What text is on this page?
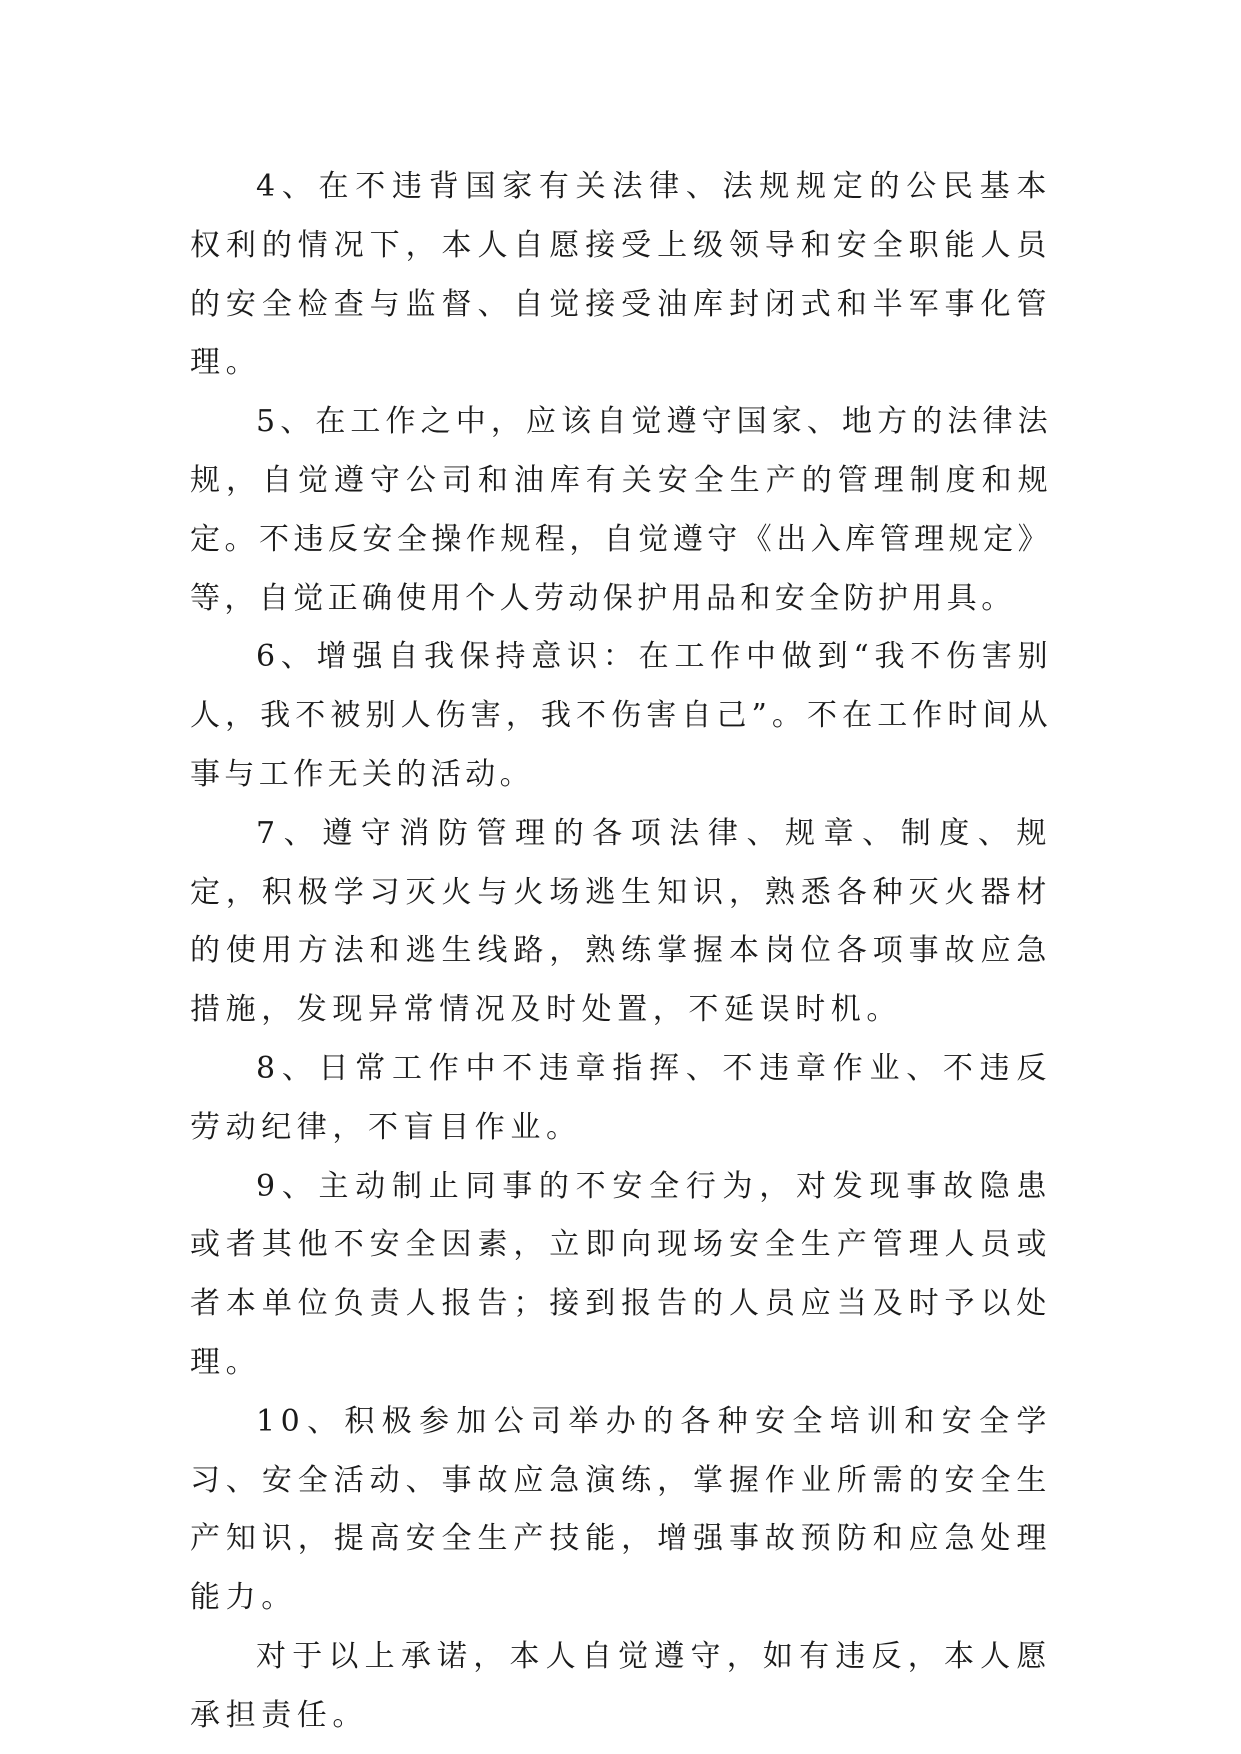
4、在不违背国家有关法律、法规规定的公民基本权利的情况下，本人自愿接受上级领导和安全职能人员的安全检查与监督、自觉接受油库封闭式和半军事化管理。

5、在工作之中，应该自觉遵守国家、地方的法律法规，自觉遵守公司和油库有关安全生产的管理制度和规定。不违反安全操作规程，自觉遵守《出入库管理规定》等，自觉正确使用个人劳动保护用品和安全防护用具。

6、增强自我保持意识：在工作中做到“我不伤害别人，我不被别人伤害，我不伤害自己”。不在工作时间从事与工作无关的活动。

7、遵守消防管理的各项法律、规章、制度、规定，积极学习灭火与火场逃生知识，熟悉各种灭火器材的使用方法和逃生线路，熟练掌握本岗位各项事故应急措施，发现异常情况及时处置，不延误时机。

8、日常工作中不违章指挥、不违章作业、不违反劳动纪律，不盲目作业。

9、主动制止同事的不安全行为，对发现事故隐患或者其他不安全因素，立即向现场安全生产管理人员或者本单位负责人报告；接到报告的人员应当及时予以处理。

10、积极参加公司举办的各种安全培训和安全学习、安全活动、事故应急演练，掌握作业所需的安全生产知识，提高安全生产技能，增强事故预防和应急处理能力。

对于以上承诺，本人自觉遵守，如有违反，本人愿承担责任。
